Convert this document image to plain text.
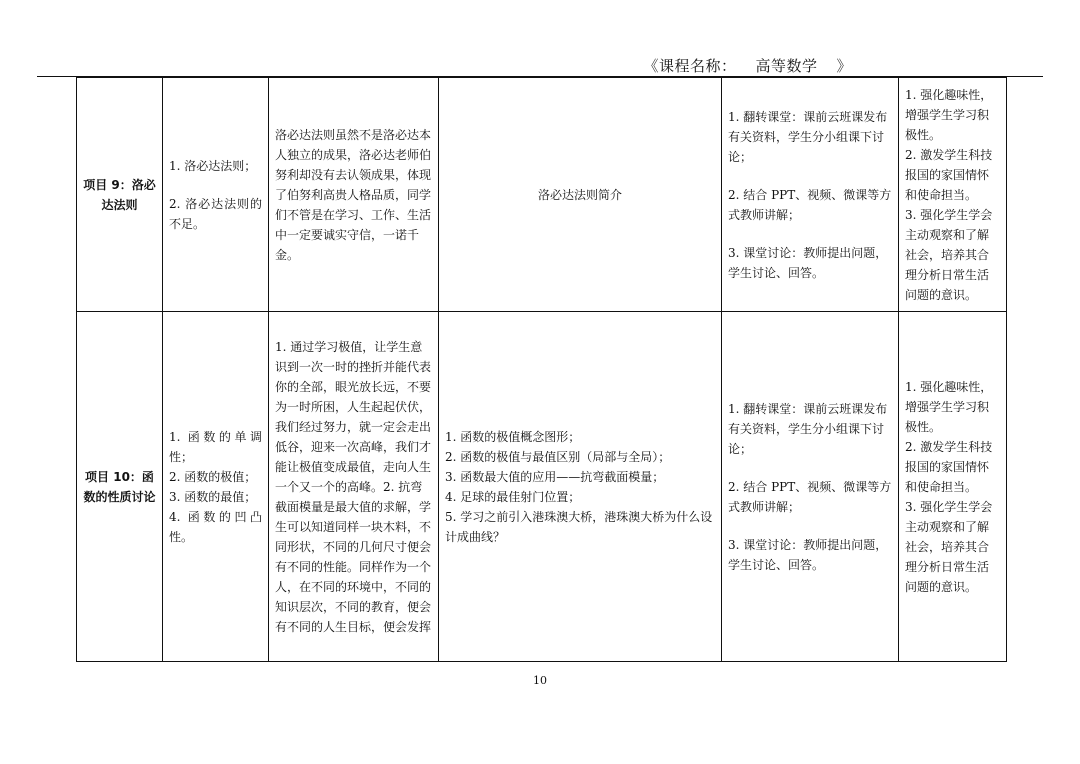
《课程名称： 高等数学 》
项目 9：洛必达法则	1. 洛必达法则；
2. 洛必达法则的不足。	洛必达法则虽然不是洛必达本人独立的成果，洛必达老师伯努利却没有去认领成果，体现了伯努利高贵人格品质，同学们不管是在学习、工作、生活中一定要诚实守信，一诺千金。	洛必达法则简介	1. 翻转课堂：课前云班课发布有关资料，学生分小组课下讨论；
2. 结合 PPT、视频、微课等方式教师讲解；
3. 课堂讨论：教师提出问题，学生讨论、回答。	1. 强化趣味性，增强学生学习积极性。
2. 激发学生科技报国的家国情怀和使命担当。
3. 强化学生学会主动观察和了解社会，培养其合理分析日常生活问题的意识。

项目 10：函数的性质讨论	1. 函数的单调性；
2. 函数的极值；
3. 函数的最值；
4. 函数的凹凸性。	1. 通过学习极值，让学生意识到一次一时的挫折并能代表你的全部，眼光放长远，不要为一时所困，人生起起伏伏，我们经过努力，就一定会走出低谷，迎来一次高峰，我们才能让极值变成最值，走向人生一个又一个的高峰。2. 抗弯截面模量是最大值的求解，学生可以知道同样一块木料，不同形状，不同的几何尺寸便会有不同的性能。同样作为一个人，在不同的环境中，不同的知识层次，不同的教育，便会有不同的人生目标，便会发挥	1. 函数的极值概念图形；
2. 函数的极值与最值区别（局部与全局）；
3. 函数最大值的应用——抗弯截面模量；
4. 足球的最佳射门位置；
5. 学习之前引入港珠澳大桥，港珠澳大桥为什么设计成曲线？	1. 翻转课堂：课前云班课发布有关资料，学生分小组课下讨论；
2. 结合 PPT、视频、微课等方式教师讲解；
3. 课堂讨论：教师提出问题，学生讨论、回答。	1. 强化趣味性，增强学生学习积极性。
2. 激发学生科技报国的家国情怀和使命担当。
3. 强化学生学会主动观察和了解社会，培养其合理分析日常生活问题的意识。
10
